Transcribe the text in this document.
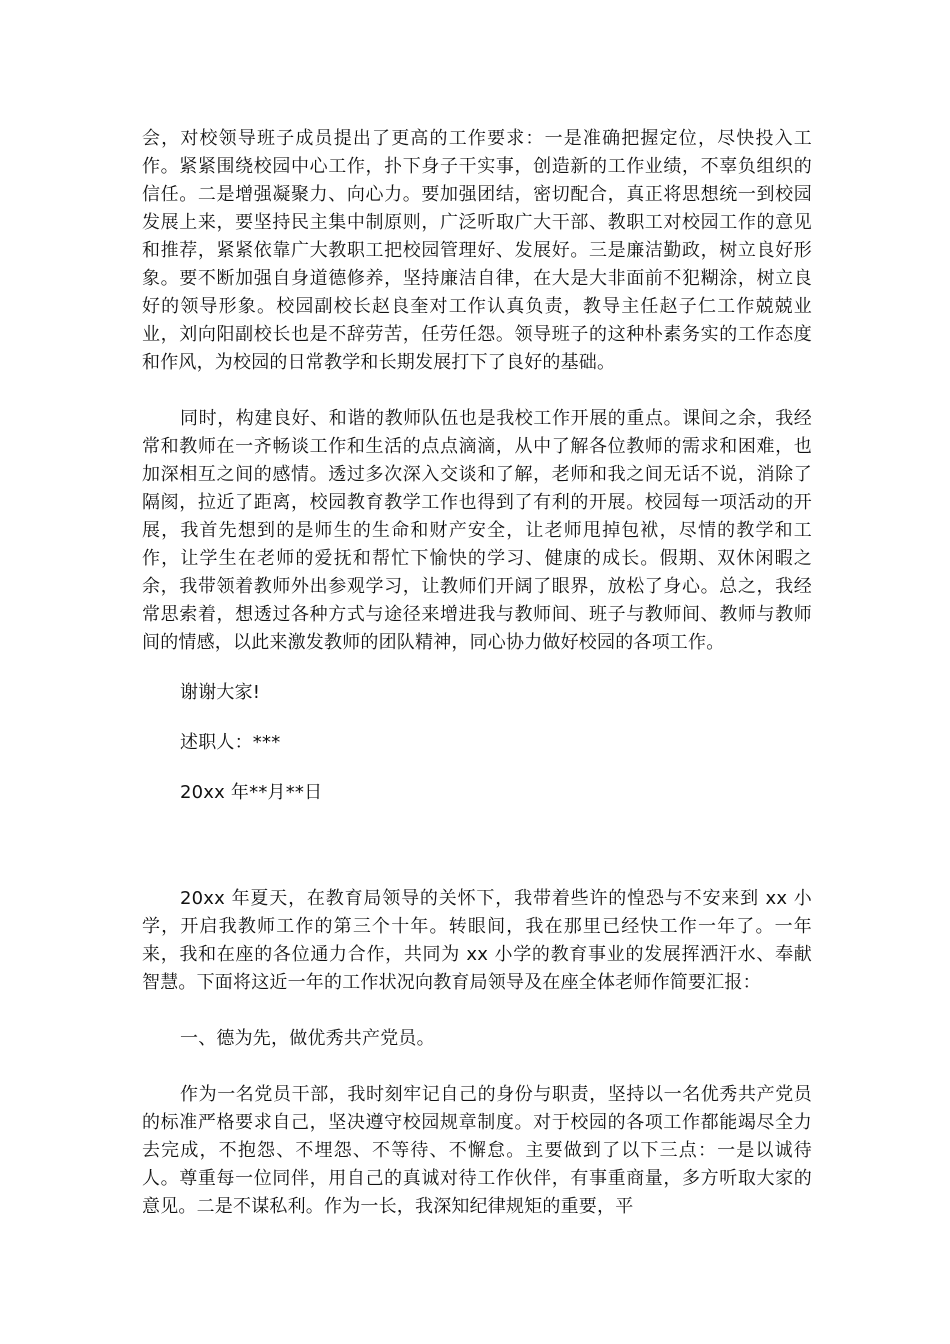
会，对校领导班子成员提出了更高的工作要求：一是准确把握定位，尽快投入工作。紧紧围绕校园中心工作，扑下身子干实事，创造新的工作业绩，不辜负组织的信任。二是增强凝聚力、向心力。要加强团结，密切配合，真正将思想统一到校园发展上来，要坚持民主集中制原则，广泛听取广大干部、教职工对校园工作的意见和推荐，紧紧依靠广大教职工把校园管理好、发展好。三是廉洁勤政，树立良好形象。要不断加强自身道德修养，坚持廉洁自律，在大是大非面前不犯糊涂，树立良好的领导形象。校园副校长赵良奎对工作认真负责，教导主任赵子仁工作兢兢业业，刘向阳副校长也是不辞劳苦，任劳任怨。领导班子的这种朴素务实的工作态度和作风，为校园的日常教学和长期发展打下了良好的基础。

同时，构建良好、和谐的教师队伍也是我校工作开展的重点。课间之余，我经常和教师在一齐畅谈工作和生活的点点滴滴，从中了解各位教师的需求和困难，也加深相互之间的感情。透过多次深入交谈和了解，老师和我之间无话不说，消除了隔阂，拉近了距离，校园教育教学工作也得到了有利的开展。校园每一项活动的开展，我首先想到的是师生的生命和财产安全，让老师甩掉包袱，尽情的教学和工作，让学生在老师的爱抚和帮忙下愉快的学习、健康的成长。假期、双休闲暇之余，我带领着教师外出参观学习，让教师们开阔了眼界，放松了身心。总之，我经常思索着，想透过各种方式与途径来增进我与教师间、班子与教师间、教师与教师间的情感，以此来激发教师的团队精神，同心协力做好校园的各项工作。

谢谢大家!

述职人：***

20xx 年**月**日

20xx 年夏天，在教育局领导的关怀下，我带着些许的惶恐与不安来到 xx 小学，开启我教师工作的第三个十年。转眼间，我在那里已经快工作一年了。一年来，我和在座的各位通力合作，共同为 xx 小学的教育事业的发展挥洒汗水、奉献智慧。下面将这近一年的工作状况向教育局领导及在座全体老师作简要汇报：

一、德为先，做优秀共产党员。

作为一名党员干部，我时刻牢记自己的身份与职责，坚持以一名优秀共产党员的标准严格要求自己，坚决遵守校园规章制度。对于校园的各项工作都能竭尽全力去完成，不抱怨、不埋怨、不等待、不懈怠。主要做到了以下三点：一是以诚待人。尊重每一位同伴，用自己的真诚对待工作伙伴，有事重商量，多方听取大家的意见。二是不谋私利。作为一长，我深知纪律规矩的重要，平
